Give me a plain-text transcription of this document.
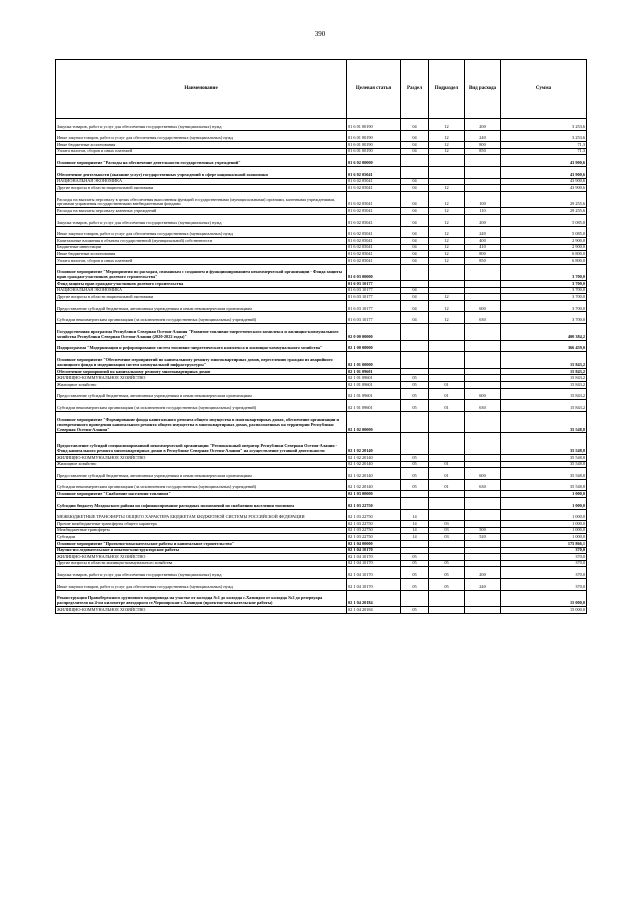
390
Наименование	Целевая статья	Раздел	Подраздел	Вид расхода	Сумма
Закупка товаров, работ и услуг для обеспечения государственных (муниципальных) нужд	01 6 01 00190	04	12	200	3 253,6
Иные закупки товаров, работ и услуг для обеспечения государственных (муниципальных) нужд	01 6 01 00190	04	12	240	3 253,6
Иные бюджетные ассигнования	01 6 01 00190	04	12	800	71,3
Уплата налогов, сборов и иных платежей	01 6 01 00190	04	12	850	71,3
Основное мероприятие "Расходы на обеспечение деятельности государственных учреждений"	01 6 02 00000				43 900,6
Обеспечение деятельности (оказание услуг) государственных учреждений в сфере национальной экономики	01 6 02 05041				43 900,6
НАЦИОНАЛЬНАЯ ЭКОНОМИКА	01 6 02 05041	04			43 900,6
Другие вопросы в области национальной экономики	01 6 02 05041	04	12		43 900,6
Расходы на выплаты персоналу в целях обеспечения выполнения функций государственными (муниципальными) органами, казенными учреждениями, органами управления государственными внебюджетными фондами	01 6 02 05041	04	12	100	29 255,6
Расходы на выплаты персоналу казенных учреждений	01 6 02 05041	04	12	110	29 255,6
Закупка товаров, работ и услуг для обеспечения государственных (муниципальных) нужд	01 6 02 05041	04	12	200	5 085,0
Иные закупки товаров, работ и услуг для обеспечения государственных (муниципальных) нужд	01 6 02 05041	04	12	240	5 085,0
Капитальные вложения в объекты государственной (муниципальной) собственности	01 6 02 05041	04	12	400	2 900,0
Бюджетные инвестиции	01 6 02 05041	04	12	410	2 900,0
Иные бюджетные ассигнования	01 6 02 05041	04	12	800	6 800,0
Уплата налогов, сборов и иных платежей	01 6 02 05041	04	12	850	6 800,0
Основное мероприятие "Мероприятия по расходам, связанным с созданием и функционированием некоммерческой организации - Фонда защиты прав граждан-участников долевого строительства"	01 6 03 00000				3 700,0
Фонд защиты прав граждан-участников долевого строительства	01 6 03 10177				3 700,0
НАЦИОНАЛЬНАЯ ЭКОНОМИКА	01 6 03 10177	04			3 700,0
Другие вопросы в области национальной экономики	01 6 03 10177	04	12		3 700,0
Предоставление субсидий бюджетным, автономным учреждениям и иным некоммерческим организациям	01 6 03 10177	04	12	600	3 700,0
Субсидии некоммерческим организациям (за исключением государственных (муниципальных) учреждений)	01 6 03 10177	04	12	630	3 700,0
Государственная программа Республики Северная Осетия-Алания "Развитие топливно-энергетического комплекса и жилищно-коммунального хозяйства Республики Северная Осетия-Алания (2020-2022 годы)"	02 0 00 00000				400 384,2
Подпрограмма "Модернизация и реформирование систем топливно-энергетического комплекса и жилищно-коммунального хозяйства"	02 1 00 00000				366 459,0
Основное мероприятие "Обеспечение мероприятий по капитальному ремонту многоквартирных домов, переселению граждан из аварийного жилищного фонда и модернизации систем коммунальной инфраструктуры"	02 1 01 00000				15 843,2
Обеспечение мероприятий по капитальному ремонту многоквартирных домов	02 1 01 09601				15 843,2
ЖИЛИЩНО-КОММУНАЛЬНОЕ ХОЗЯЙСТВО	02 1 01 09601	05			15 843,2
Жилищное хозяйство	02 1 01 09601	05	01		15 843,2
Предоставление субсидий бюджетным, автономным учреждениям и иным некоммерческим организациям	02 1 01 09601	05	01	600	15 843,2
Субсидии некоммерческим организациям (за исключением государственных (муниципальных) учреждений)	02 1 01 09601	05	01	630	15 843,2
Основное мероприятие "Формирование фонда капитального ремонта общего имущества в многоквартирных домах, обеспечение организации и своевременного проведения капитального ремонта общего имущества в многоквартирных домах, расположенных на территории Республики Северная Осетия-Алания"	02 1 02 00000				35 548,8
Предоставление субсидий специализированной некоммерческой организации "Региональный оператор Республики Северная Осетия-Алания - Фонд капитального ремонта многоквартирных домов в Республике Северная Осетия-Алания" на осуществление уставной деятельности	02 1 02 20140				35 548,8
ЖИЛИЩНО-КОММУНАЛЬНОЕ ХОЗЯЙСТВО	02 1 02 20140	05			35 548,8
Жилищное хозяйство	02 1 02 20140	05	01		35 548,8
Предоставление субсидий бюджетным, автономным учреждениям и иным некоммерческим организациям	02 1 02 20140	05	01	600	35 548,8
Субсидии некоммерческим организациям (за исключением государственных (муниципальных) учреждений)	02 1 02 20140	05	01	630	35 548,8
Основное мероприятие "Снабжение населения топливом"	02 1 03 00000				1 000,0
Субсидии бюджету Моздокского района на софинансирование расходных полномочий по снабжению населения топливом	02 1 03 22750				1 000,0
МЕЖБЮДЖЕТНЫЕ ТРАНСФЕРТЫ ОБЩЕГО ХАРАКТЕРА БЮДЖЕТАМ БЮДЖЕТНОЙ СИСТЕМЫ РОССИЙСКОЙ ФЕДЕРАЦИИ	02 1 03 22750	14			1 000,0
Прочие межбюджетные трансферты общего характера	02 1 03 22750	14	03		1 000,0
Межбюджетные трансферты	02 1 03 22750	14	03	500	1 000,0
Субсидии	02 1 03 22750	14	03	520	1 000,0
Основное мероприятие "Проектно-изыскательские работы и капитальное строительство"	02 1 04 00000				175 866,1
Научно-исследовательские и опытно-конструкторские работы	02 1 04 10170				370,0
ЖИЛИЩНО-КОММУНАЛЬНОЕ ХОЗЯЙСТВО	02 1 04 10170	05			370,0
Другие вопросы в области жилищно-коммунального хозяйства	02 1 04 10170	05	05		370,0
Закупка товаров, работ и услуг для обеспечения государственных (муниципальных) нужд	02 1 04 10170	05	05	200	370,0
Иные закупки товаров, работ и услуг для обеспечения государственных (муниципальных) нужд	02 1 04 10170	05	05	240	370,0
Реконструкция Правобережного группового водопровода на участке от колодца №1 до колодца с.Хазнидон от колодца №2 до резервуара распределителя на 4-ом километре автодороги ст.Черноярская-с.Хазнидон (проектно-изыскательские работы)	02 1 04 20184				15 000,0
ЖИЛИЩНО-КОММУНАЛЬНОЕ ХОЗЯЙСТВО	02 1 04 20184	05			15 000,0
